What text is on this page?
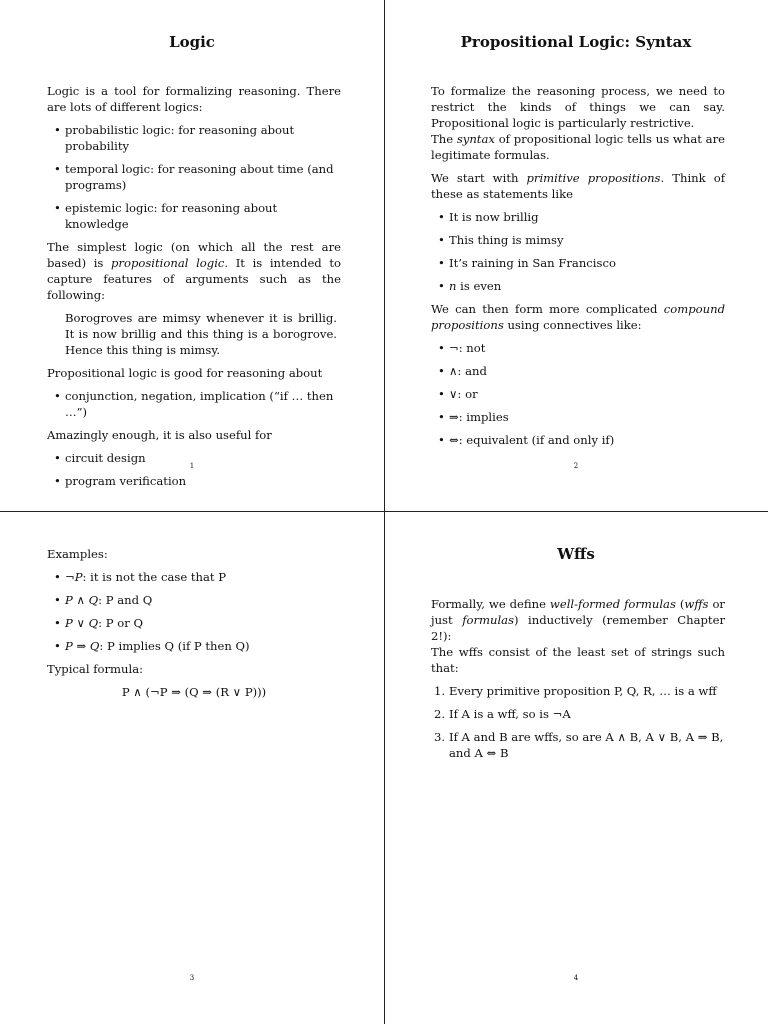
Logic

Logic is a tool for formalizing reasoning. There are lots of different logics:

• probabilistic logic: for reasoning about probability
• temporal logic: for reasoning about time (and programs)
• epistemic logic: for reasoning about knowledge

The simplest logic (on which all the rest are based) is propositional logic. It is intended to capture features of arguments such as the following:

Borogroves are mimsy whenever it is brillig. It is now brillig and this thing is a borogrove. Hence this thing is mimsy.

Propositional logic is good for reasoning about

• conjunction, negation, implication (“if … then …”)

Amazingly enough, it is also useful for

• circuit design
• program verification
1
Propositional Logic: Syntax

To formalize the reasoning process, we need to restrict the kinds of things we can say. Propositional logic is particularly restrictive.

The syntax of propositional logic tells us what are legitimate formulas.

We start with primitive propositions. Think of these as statements like

• It is now brillig
• This thing is mimsy
• It’s raining in San Francisco
• n is even

We can then form more complicated compound propositions using connectives like:

• ¬: not
• ∧: and
• ∨: or
• ⇒: implies
• ⇔: equivalent (if and only if)
2

Examples:

• ¬P: it is not the case that P
• P ∧ Q: P and Q
• P ∨ Q: P or Q
• P ⇒ Q: P implies Q (if P then Q)

Typical formula:

P ∧ (¬P ⇒ (Q ⇒ (R ∨ P)))
3
Wffs

Formally, we define well-formed formulas (wffs or just formulas) inductively (remember Chapter 2!):

The wffs consist of the least set of strings such that:

1. Every primitive proposition P, Q, R, … is a wff
2. If A is a wff, so is ¬A
3. If A and B are wffs, so are A ∧ B, A ∨ B, A ⇒ B, and A ⇔ B
4
